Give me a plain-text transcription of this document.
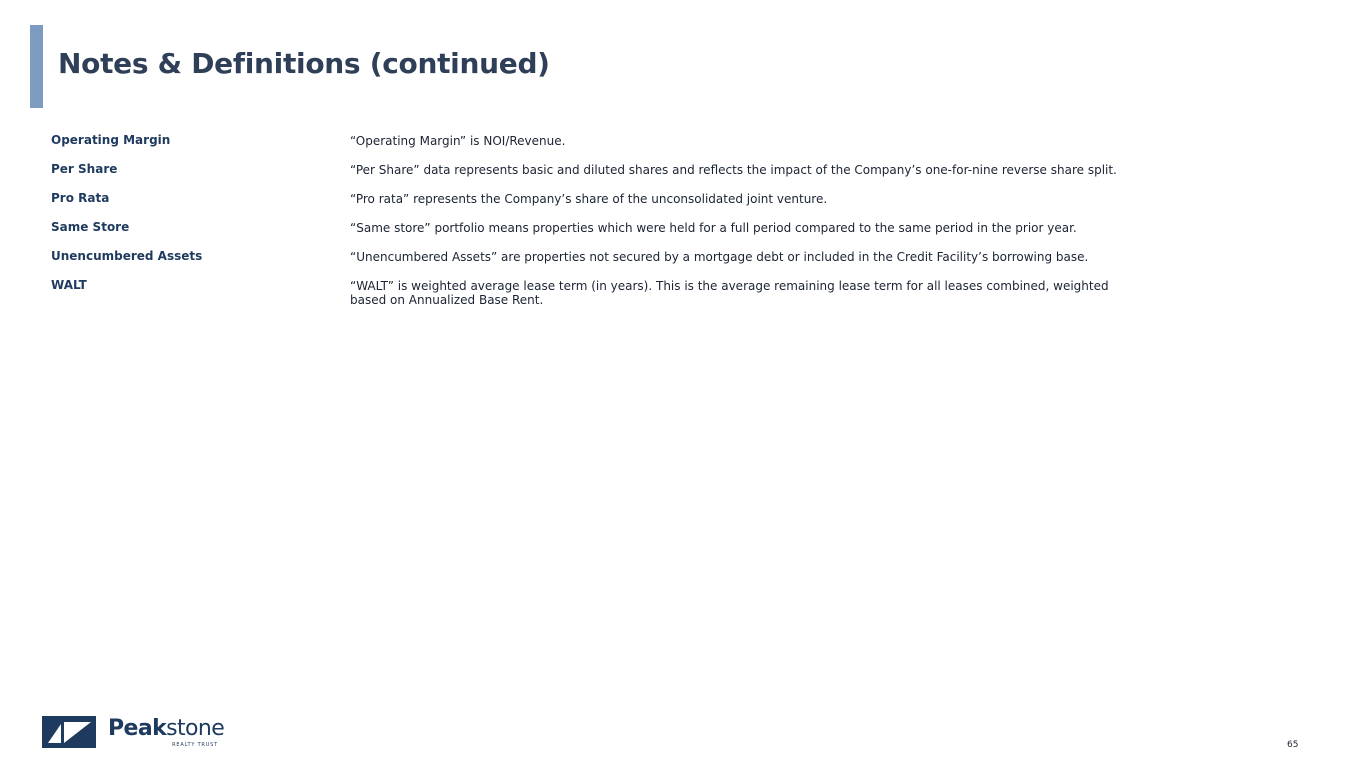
Notes & Definitions (continued)
Operating Margin	“Operating Margin” is NOI/Revenue.
Per Share	“Per Share” data represents basic and diluted shares and reflects the impact of the Company’s one-for-nine reverse share split.
Pro Rata	“Pro rata” represents the Company’s share of the unconsolidated joint venture.
Same Store	“Same store” portfolio means properties which were held for a full period compared to the same period in the prior year.
Unencumbered Assets	“Unencumbered Assets” are properties not secured by a mortgage debt or included in the Credit Facility’s borrowing base.
WALT	“WALT” is weighted average lease term (in years). This is the average remaining lease term for all leases combined, weighted based on Annualized Base Rent.
Peakstone
REALTY TRUST	65
